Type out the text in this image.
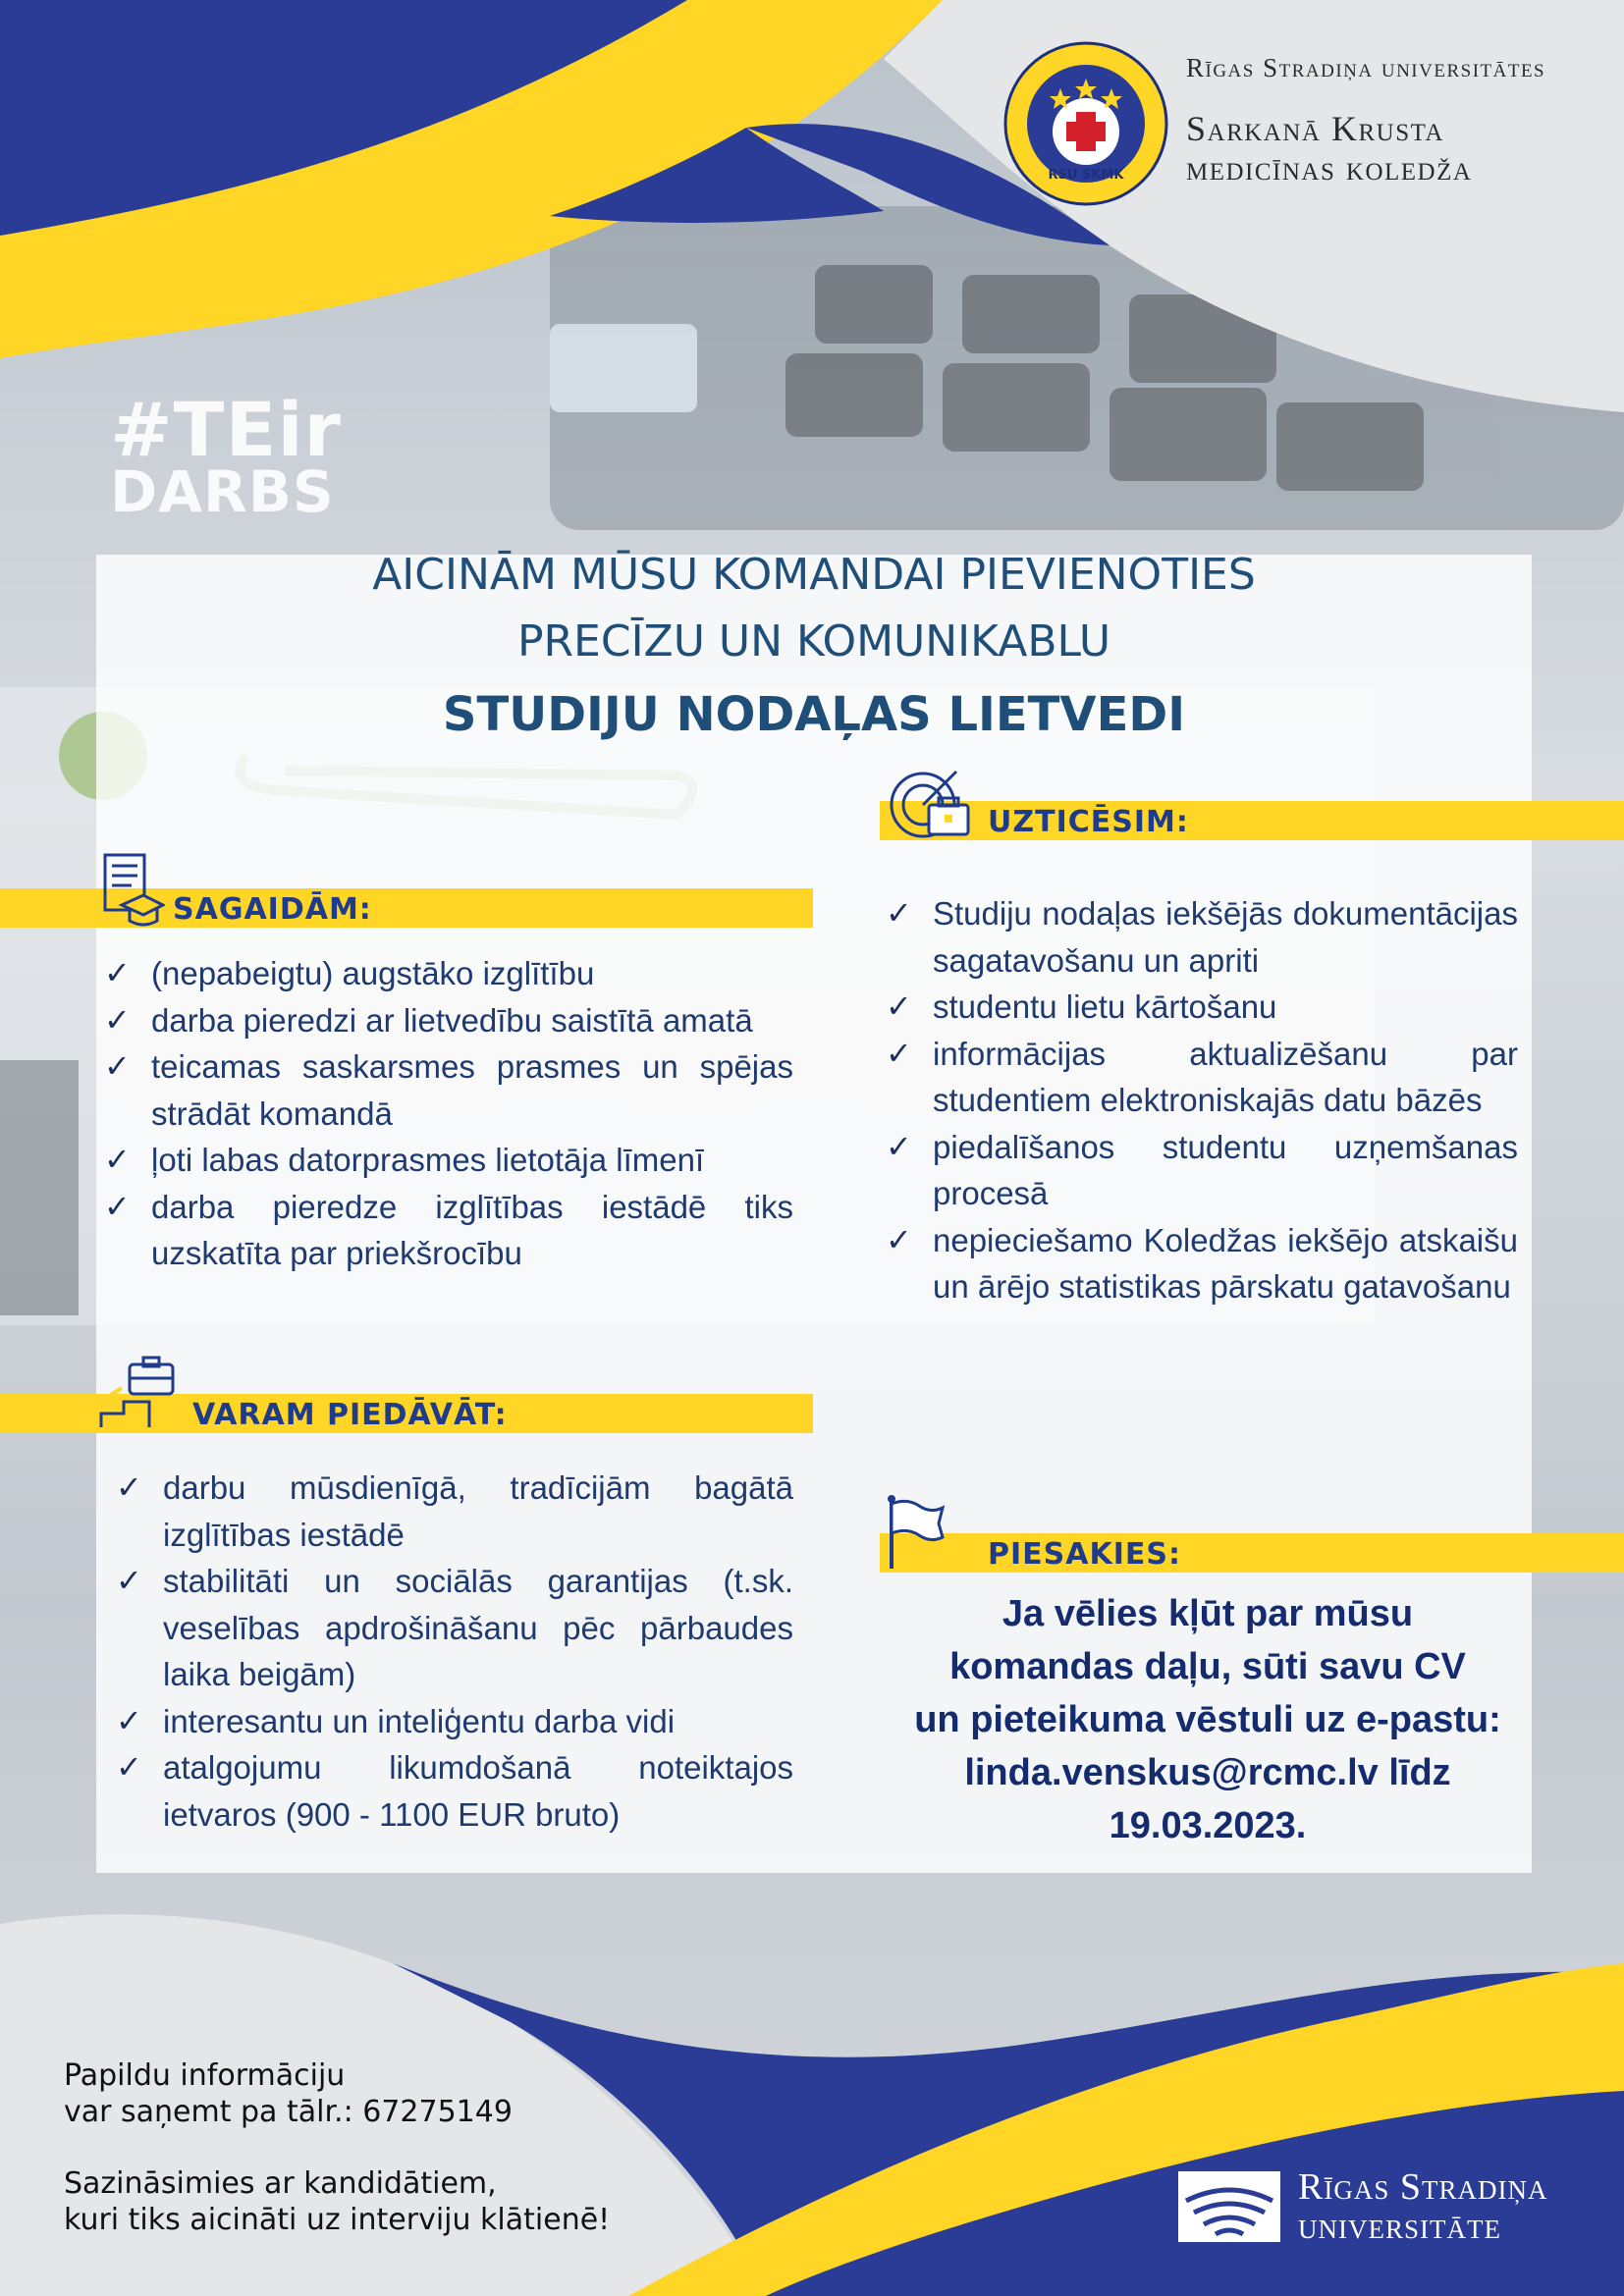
RSU SKMK
Rīgas Stradiņa universitātes
Sarkanā Krusta
medicīnas koledža
#TEir
DARBS
AICINĀM MŪSU KOMANDAI PIEVIENOTIES
PRECĪZU UN KOMUNIKABLU
STUDIJU NODAĻAS LIETVEDI
SAGAIDĀM:
✓ (nepabeigtu) augstāko izglītību
✓ darba pieredzi ar lietvedību saistītā amatā
✓ teicamas saskarsmes prasmes un spējas strādāt komandā
✓ ļoti labas datorprasmes lietotāja līmenī
✓ darba pieredze izglītības iestādē tiks uzskatīta par priekšrocību
VARAM PIEDĀVĀT:
✓ darbu mūsdienīgā, tradīcijām bagātā izglītības iestādē
✓ stabilitāti un sociālās garantijas (t.sk. veselības apdrošināšanu pēc pārbaudes laika beigām)
✓ interesantu un inteliģentu darba vidi
✓ atalgojumu likumdošanā noteiktajos ietvaros (900 - 1100 EUR bruto)
UZTICĒSIM:
✓ Studiju nodaļas iekšējās dokumentācijas sagatavošanu un apriti
✓ studentu lietu kārtošanu
✓ informācijas aktualizēšanu par studentiem elektroniskajās datu bāzēs
✓ piedalīšanos studentu uzņemšanas procesā
✓ nepieciešamo Koledžas iekšējo atskaišu un ārējo statistikas pārskatu gatavošanu
PIESAKIES:
Ja vēlies kļūt par mūsu
komandas daļu, sūti savu CV
un pieteikuma vēstuli uz e-pastu:
linda.venskus@rcmc.lv līdz
19.03.2023.

Papildu informāciju

var saņemt pa tālr.: 67275149

Sazināsimies ar kandidātiem,

kuri tiks aicināti uz interviju klātienē!

Rīgas Stradiņa
universitāte
